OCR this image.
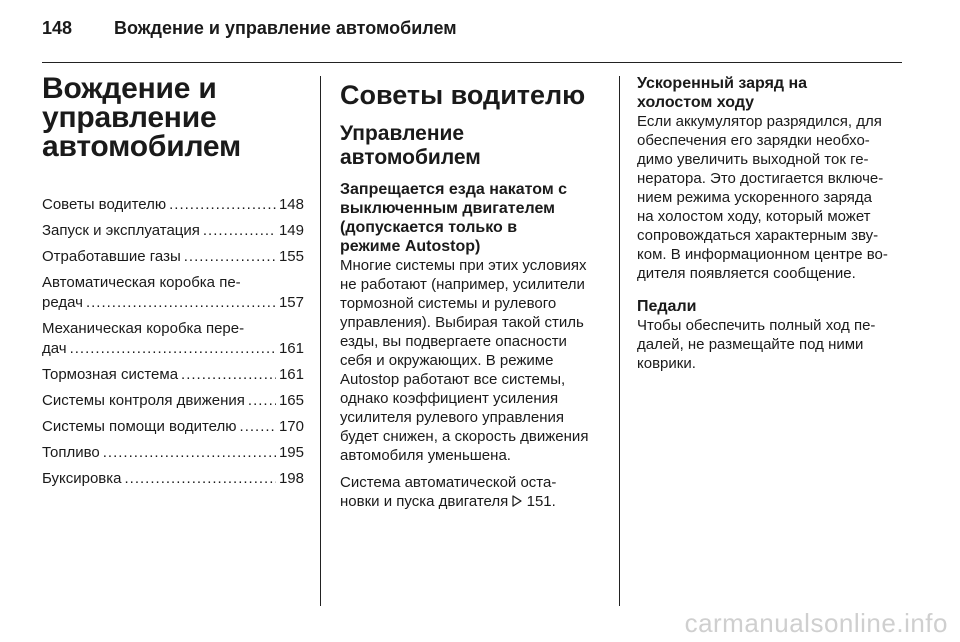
148 Вождение и управление автомобилем
Вождение и
управление
автомобилем
Советы водителю .....	148
Запуск и эксплуатация .....	149
Отработавшие газы .....	155
Автоматическая коробка пе-
редач .....	157
Механическая коробка пере-
дач .....	161
Тормозная система .....	161
Системы контроля движения ..... 165
Системы помощи водителю .....	170
Топливо .....	195
Буксировка .....	198
Советы водителю
Управление
автомобилем
Запрещается езда накатом с
выключенным двигателем
(допускается только в
режиме Autostop)
Многие системы при этих условиях
не работают (например, усилители
тормозной системы и рулевого
управления). Выбирая такой стиль
езды, вы подвергаете опасности
себя и окружающих. В режиме
Autostop работают все системы,
однако коэффициент усиления
усилителя рулевого управления
будет снижен, а скорость движения
автомобиля уменьшена.
Система автоматической оста-
новки и пуска двигателя 151.
Ускоренный заряд на
холостом ходу
Если аккумулятор разрядился, для
обеспечения его зарядки необхо-
димо увеличить выходной ток ге-
нератора. Это достигается включе-
нием режима ускоренного заряда
на холостом ходу, который может
сопровождаться характерным зву-
ком. В информационном центре во-
дителя появляется сообщение.
Педали
Чтобы обеспечить полный ход пе-
далей, не размещайте под ними
коврики.
carmanualsonline.info
